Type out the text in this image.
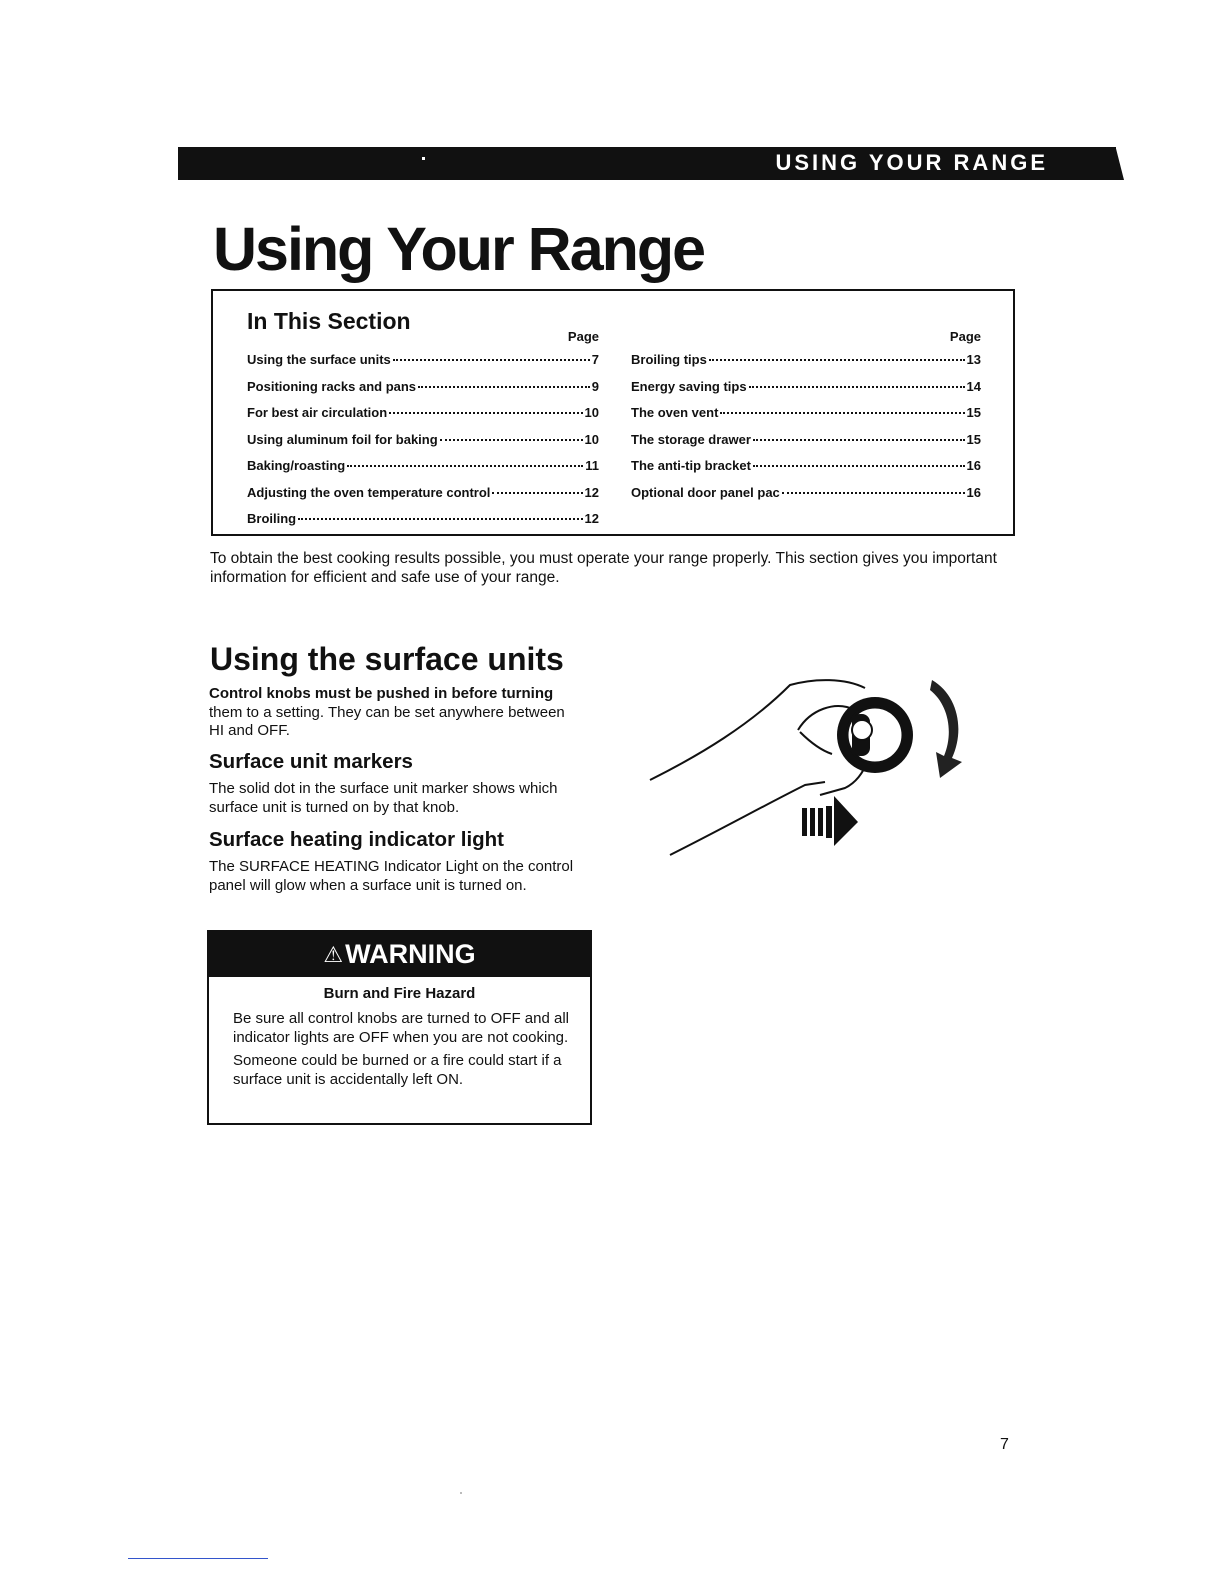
USING YOUR RANGE
Using Your Range
In This Section
Page
Using the surface units	7
Positioning racks and pans	9
For best air circulation	10
Using aluminum foil for baking	10
Baking/roasting	11
Adjusting the oven temperature control	12
Broiling	12
Page
Broiling tips	13
Energy saving tips	14
The oven vent	15
The storage drawer	15
The anti-tip bracket	16
Optional door panel pac	16

To obtain the best cooking results possible, you must operate your range properly. This section gives you important information for efficient and safe use of your range.

Using the surface units

Control knobs must be pushed in before turning them to a setting. They can be set anywhere between HI and OFF.

Surface unit markers

The solid dot in the surface unit marker shows which surface unit is turned on by that knob.

Surface heating indicator light

The SURFACE HEATING Indicator Light on the control panel will glow when a surface unit is turned on.

⚠ WARNING
Burn and Fire Hazard

Be sure all control knobs are turned to OFF and all indicator lights are OFF when you are not cooking.

Someone could be burned or a fire could start if a surface unit is accidentally left ON.

7
